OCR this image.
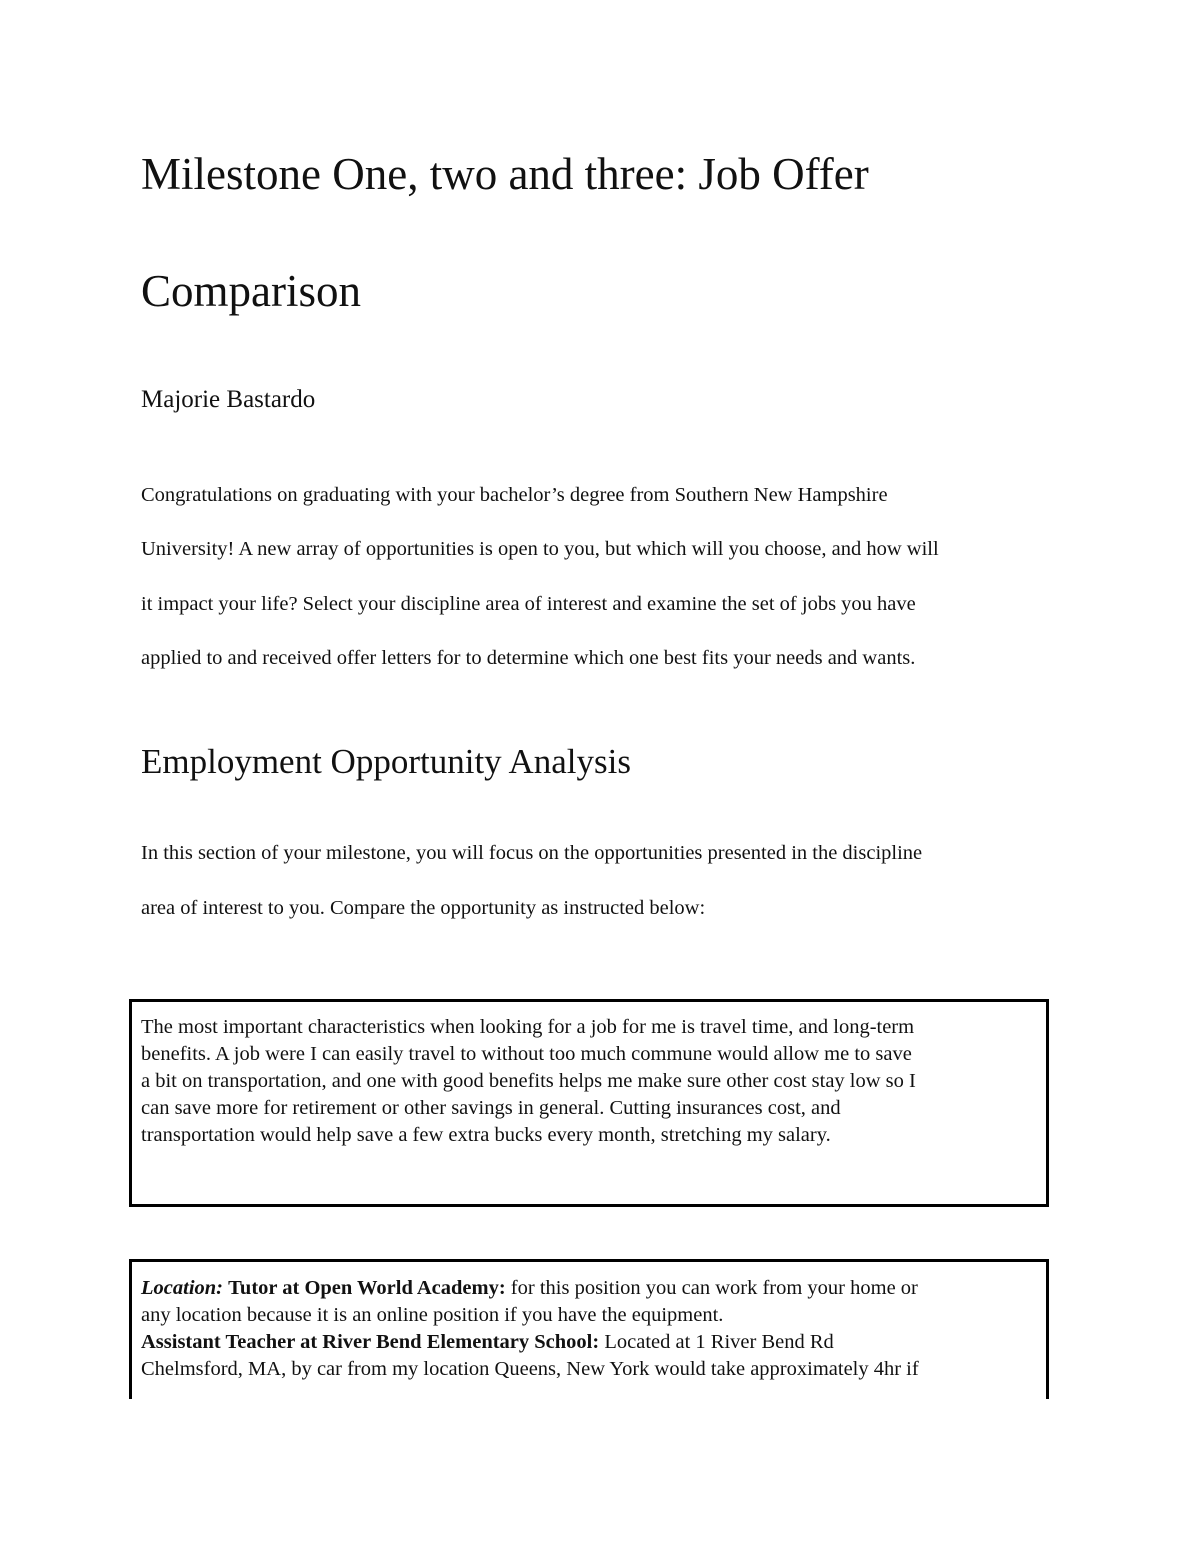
Milestone One, two and three: Job Offer
Comparison
Majorie Bastardo
Congratulations on graduating with your bachelor’s degree from Southern New Hampshire
University! A new array of opportunities is open to you, but which will you choose, and how will
it impact your life? Select your discipline area of interest and examine the set of jobs you have
applied to and received offer letters for to determine which one best fits your needs and wants.
Employment Opportunity Analysis
In this section of your milestone, you will focus on the opportunities presented in the discipline
area of interest to you. Compare the opportunity as instructed below:
The most important characteristics when looking for a job for me is travel time, and long-term
benefits. A job were I can easily travel to without too much commune would allow me to save
a bit on transportation, and one with good benefits helps me make sure other cost stay low so I
can save more for retirement or other savings in general. Cutting insurances cost, and
transportation would help save a few extra bucks every month, stretching my salary.
Location: Tutor at Open World Academy: for this position you can work from your home or
any location because it is an online position if you have the equipment.
Assistant Teacher at River Bend Elementary School: Located at 1 River Bend Rd
Chelmsford, MA, by car from my location Queens, New York would take approximately 4hr if
